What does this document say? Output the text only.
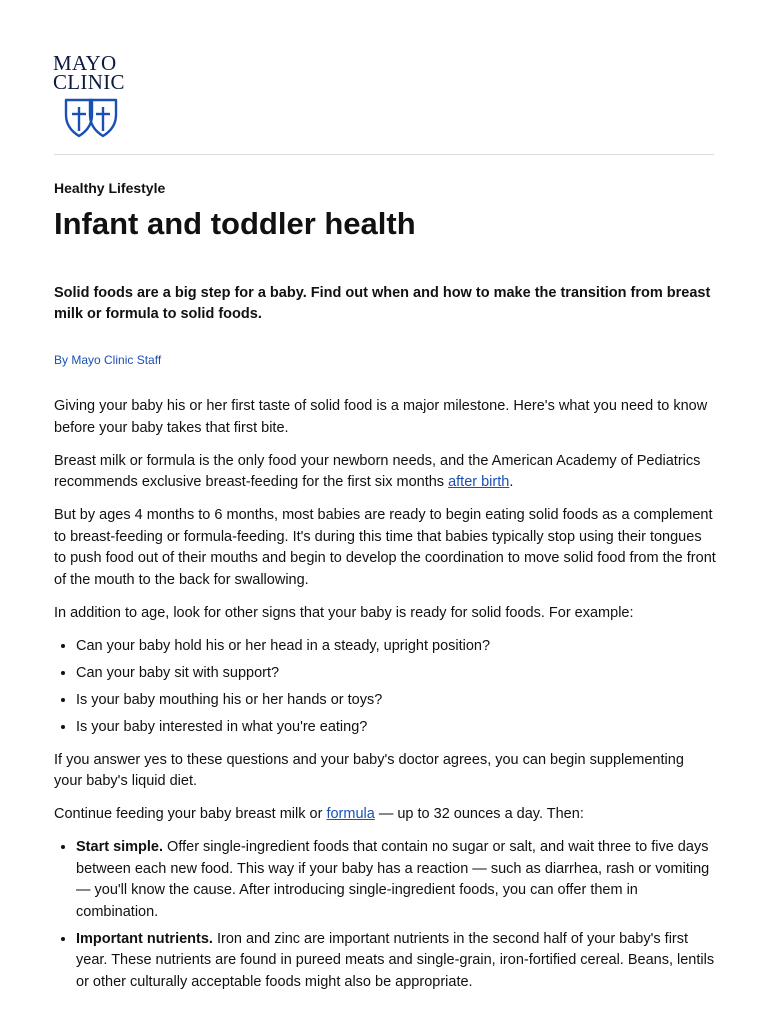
MAYO
CLINIC

Healthy Lifestyle

Infant and toddler health

Solid foods are a big step for a baby. Find out when and how to make the transition from breast milk or formula to solid foods.

By Mayo Clinic Staff

Giving your baby his or her first taste of solid food is a major milestone. Here's what you need to know before your baby takes that first bite.

Breast milk or formula is the only food your newborn needs, and the American Academy of Pediatrics recommends exclusive breast-feeding for the first six months after birth.

But by ages 4 months to 6 months, most babies are ready to begin eating solid foods as a complement to breast-feeding or formula-feeding. It's during this time that babies typically stop using their tongues to push food out of their mouths and begin to develop the coordination to move solid food from the front of the mouth to the back for swallowing.

In addition to age, look for other signs that your baby is ready for solid foods. For example:

• Can your baby hold his or her head in a steady, upright position?
• Can your baby sit with support?
• Is your baby mouthing his or her hands or toys?
• Is your baby interested in what you're eating?

If you answer yes to these questions and your baby's doctor agrees, you can begin supplementing your baby's liquid diet.

Continue feeding your baby breast milk or formula — up to 32 ounces a day. Then:

• Start simple. Offer single-ingredient foods that contain no sugar or salt, and wait three to five days between each new food. This way if your baby has a reaction — such as diarrhea, rash or vomiting — you'll know the cause. After introducing single-ingredient foods, you can offer them in combination.
• Important nutrients. Iron and zinc are important nutrients in the second half of your baby's first year. These nutrients are found in pureed meats and single-grain, iron-fortified cereal. Beans, lentils or other culturally acceptable foods might also be appropriate.
